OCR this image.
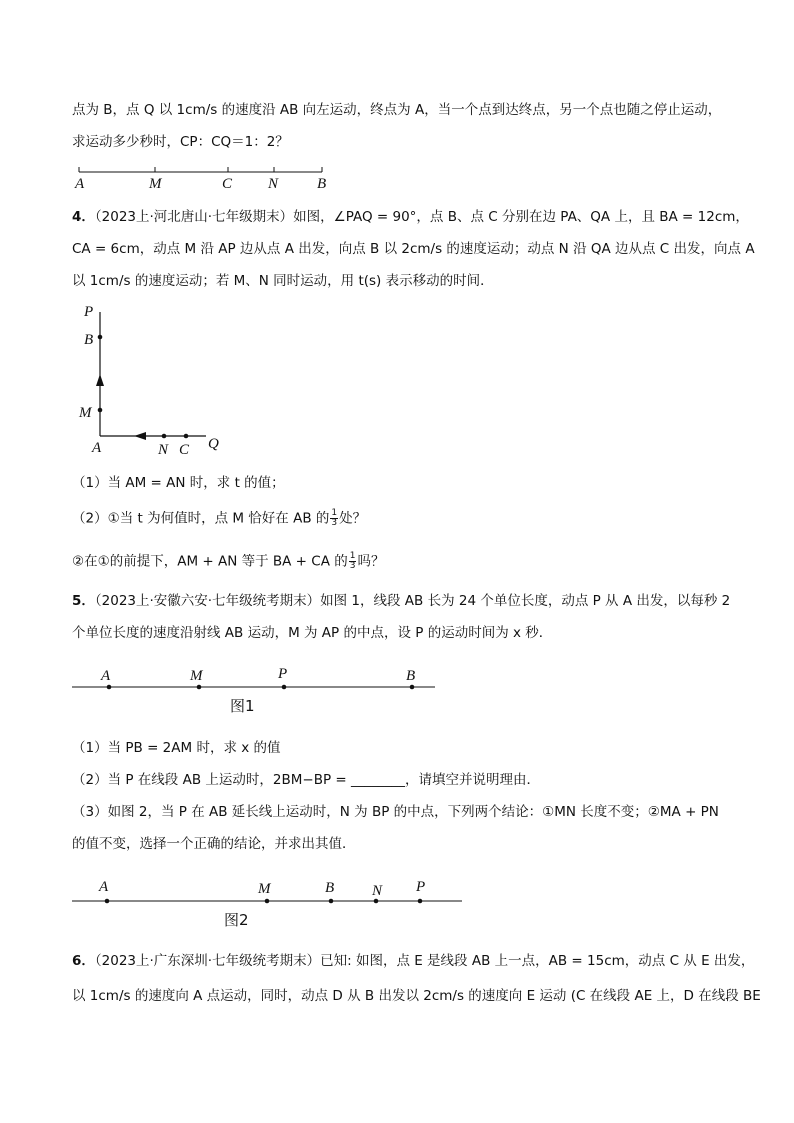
点为 B，点 Q 以 1cm/s 的速度沿 AB 向左运动，终点为 A，当一个点到达终点，另一个点也随之停止运动，
求运动多少秒时，CP：CQ＝1：2？
A	M	C N	B
4．（2023上·河北唐山·七年级期末）如图，∠PAQ = 90°，点 B、点 C 分别在边 PA、QA 上，且 BA = 12cm，
CA = 6cm，动点 M 沿 AP 边从点 A 出发，向点 B 以 2cm/s 的速度运动；动点 N 沿 QA 边从点 C 出发，向点 A
以 1cm/s 的速度运动；若 M、N 同时运动，用 t(s) 表示移动的时间．
P
B
M
A	N C Q
（1）当 AM = AN 时，求 t 的值；
（2）①当 t 为何值时，点 M 恰好在 AB 的 $\frac{1}{3}$ 处？
②在①的前提下，AM + AN 等于 BA + CA 的 $\frac{1}{3}$ 吗？
5．（2023上·安徽六安·七年级统考期末）如图 1，线段 AB 长为 24 个单位长度，动点 P 从 A 出发，以每秒 2
个单位长度的速度沿射线 AB 运动，M 为 AP 的中点，设 P 的运动时间为 x 秒．
A	M	P	B
图1
（1）当 PB = 2AM 时，求 x 的值
（2）当 P 在线段 AB 上运动时，2BM−BP = ________，请填空并说明理由．
（3）如图 2，当 P 在 AB 延长线上运动时，N 为 BP 的中点，下列两个结论：①MN 长度不变；②MA + PN
的值不变，选择一个正确的结论，并求出其值．
A	M	B	N P
图2
6．（2023上·广东深圳·七年级统考期末）已知: 如图，点 E 是线段 AB 上一点，AB = 15cm，动点 C 从 E 出发，
以 1cm/s 的速度向 A 点运动，同时，动点 D 从 B 出发以 2cm/s 的速度向 E 运动 (C 在线段 AE 上，D 在线段 BE
